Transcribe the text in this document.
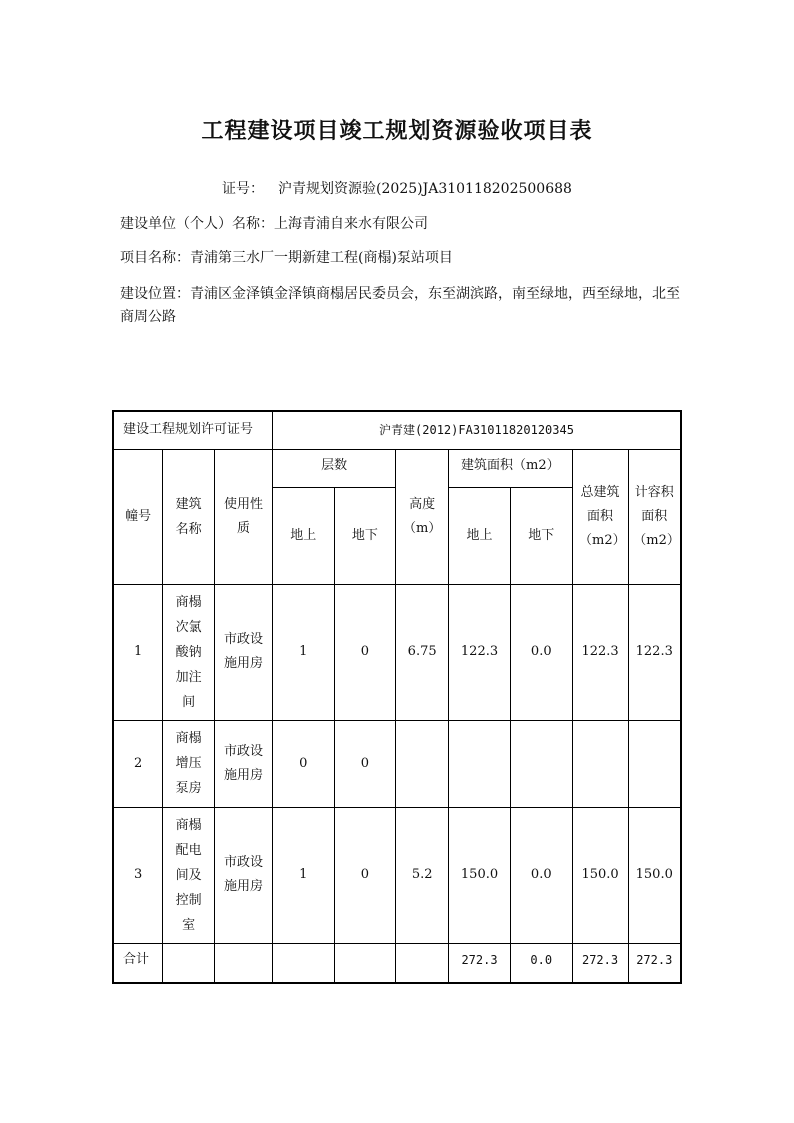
工程建设项目竣工规划资源验收项目表
证号： 沪青规划资源验(2025)JA310118202500688
建设单位（个人）名称：上海青浦自来水有限公司
项目名称：青浦第三水厂一期新建工程(商榻)泵站项目
建设位置：青浦区金泽镇金泽镇商榻居民委员会，东至湖滨路，南至绿地，西至绿地，北至商周公路
建设工程规划许可证号			沪青建(2012)FA31011820120345						
幢号	建筑名称	使用性质	层数		高度（m）	建筑面积（m2）		总建筑面积（m2）	计容积面积（m2）
			地上	地下		地上	地下		
1	商榻次氯酸钠加注间	市政设施用房	1	0	6.75	122.3	0.0	122.3	122.3
2	商榻增压泵房	市政设施用房	0	0					
3	商榻配电间及控制室	市政设施用房	1	0	5.2	150.0	0.0	150.0	150.0
合计						272.3	0.0	272.3	272.3
